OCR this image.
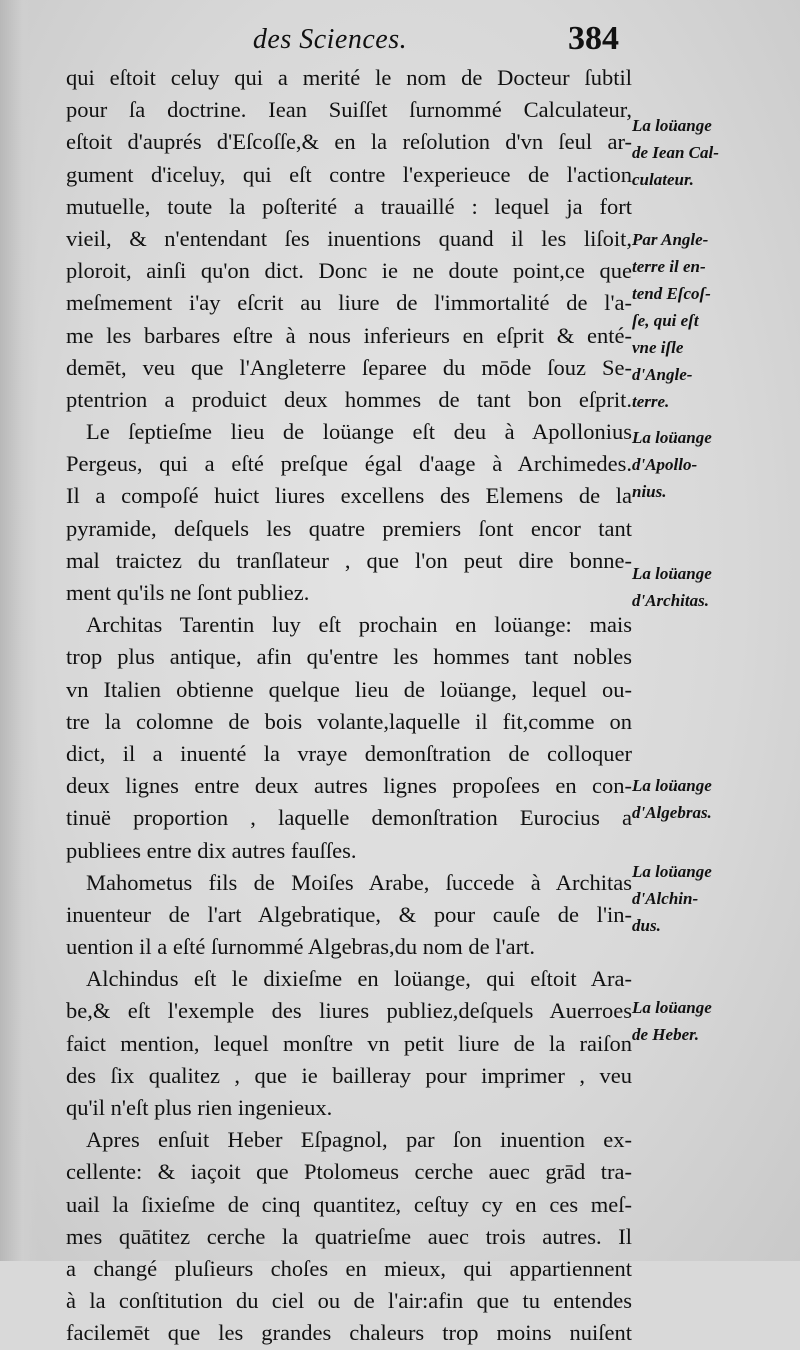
des Sciences.	384
qui eſtoit celuy qui a merité le nom de Docteur ſubtil
pour ſa doctrine. Iean Suiſſet ſurnommé Calculateur,
eſtoit d'auprés d'Eſcoſſe,& en la reſolution d'vn ſeul ar-
gument d'iceluy, qui eſt contre l'experieuce de l'action
mutuelle, toute la poſterité a trauaillé : lequel ja fort
vieil, & n'entendant ſes inuentions quand il les liſoit,
ploroit, ainſi qu'on dict. Donc ie ne doute point,ce que
meſmement i'ay eſcrit au liure de l'immortalité de l'a-
me les barbares eſtre à nous inferieurs en eſprit & enté-
demēt, veu que l'Angleterre ſeparee du mōde ſouz Se-
ptentrion a produict deux hommes de tant bon eſprit.
Le ſeptieſme lieu de loüange eſt deu à Apollonius
Pergeus, qui a eſté preſque égal d'aage à Archimedes.
Il a compoſé huict liures excellens des Elemens de la
pyramide, deſquels les quatre premiers ſont encor tant
mal traictez du tranſlateur , que l'on peut dire bonne-
ment qu'ils ne ſont publiez.
Architas Tarentin luy eſt prochain en loüange: mais
trop plus antique, afin qu'entre les hommes tant nobles
vn Italien obtienne quelque lieu de loüange, lequel ou-
tre la colomne de bois volante,laquelle il fit,comme on
dict, il a inuenté la vraye demonſtration de colloquer
deux lignes entre deux autres lignes propoſees en con-
tinuë proportion , laquelle demonſtration Eurocius a
publiees entre dix autres fauſſes.
Mahometus fils de Moiſes Arabe, ſuccede à Architas
inuenteur de l'art Algebratique, & pour cauſe de l'in-
uention il a eſté ſurnommé Algebras,du nom de l'art.
Alchindus eſt le dixieſme en loüange, qui eſtoit Ara-
be,& eſt l'exemple des liures publiez,deſquels Auerroes
faict mention, lequel monſtre vn petit liure de la raiſon
des ſix qualitez , que ie bailleray pour imprimer , veu
qu'il n'eſt plus rien ingenieux.
Apres enſuit Heber Eſpagnol, par ſon inuention ex-
cellente: & iaçoit que Ptolomeus cerche auec grād tra-
uail la ſixieſme de cinq quantitez, ceſtuy cy en ces meſ-
mes quātitez cerche la quatrieſme auec trois autres. Il
a changé pluſieurs choſes en mieux, qui appartiennent
à la conſtitution du ciel ou de l'air:afin que tu entendes
facilemēt que les grandes chaleurs trop moins nuiſent
La loüange
de Iean Cal-
culateur.
Par Angle-
terre il en-
tend Eſcoſ-
ſe, qui eſt
vne iſle
d'Angle-
terre.
La loüange
d'Apollo-
nius.
La loüange
d'Architas.
La loüange
d'Algebras.
La loüange
d'Alchin-
dus.
La loüange
de Heber.
